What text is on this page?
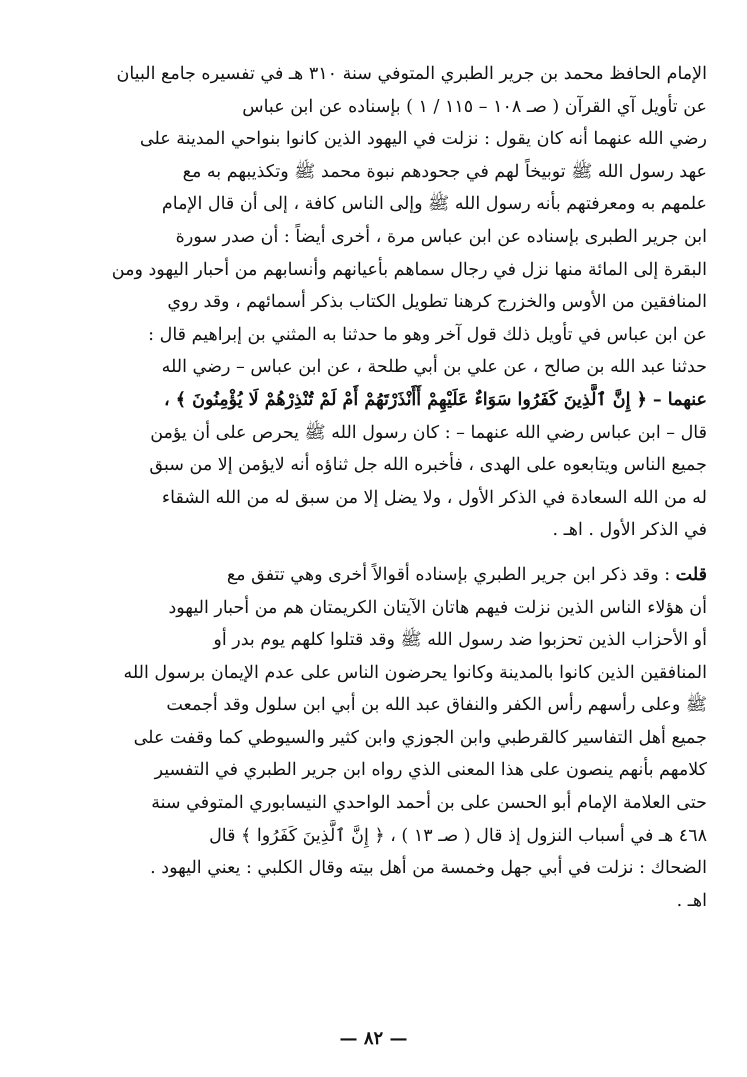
الإمام الحافظ محمد بن جرير الطبري المتوفي سنة ٣١٠ هـ في تفسيره جامع البيان
عن تأويل آي القرآن ( صـ ١٠٨ – ١١٥ / ١ ) بإسناده عن ابن عباس
رضي الله عنهما أنه كان يقول : نزلت في اليهود الذين كانوا بنواحي المدينة على
عهد رسول الله ﷺ توبيخاً لهم في جحودهم نبوة محمد ﷺ وتكذيبهم به مع
علمهم به ومعرفتهم بأنه رسول الله ﷺ وإلى الناس كافة ، إلى أن قال الإمام
ابن جرير الطبرى بإسناده عن ابن عباس مرة ، أخرى أيضاً : أن صدر سورة
البقرة إلى المائة منها نزل في رجال سماهم بأعيانهم وأنسابهم من أحبار اليهود ومن
المنافقين من الأوس والخزرج كرهنا تطويل الكتاب بذكر أسمائهم ، وقد روي
عن ابن عباس في تأويل ذلك قول آخر وهو ما حدثنا به المثني بن إبراهيم قال :
حدثنا عبد الله بن صالح ، عن علي بن أبي طلحة ، عن ابن عباس – رضي الله
عنهما – ﴿ إِنَّ ٱلَّذِينَ كَفَرُوا سَوَاءٌ عَلَيْهِمْ أَأَنْذَرْتَهُمْ أَمْ لَمْ تُنْذِرْهُمْ لَا يُؤْمِنُونَ ﴾ ،
قال – ابن عباس رضي الله عنهما – : كان رسول الله ﷺ يحرص على أن يؤمن
جميع الناس ويتابعوه على الهدى ، فأخبره الله جل ثناؤه أنه لايؤمن إلا من سبق
له من الله السعادة في الذكر الأول ، ولا يضل إلا من سبق له من الله الشقاء
في الذكر الأول . اهـ .
قلت : وقد ذكر ابن جرير الطبري بإسناده أقوالاً أخرى وهي تتفق مع
أن هؤلاء الناس الذين نزلت فيهم هاتان الآيتان الكريمتان هم من أحبار اليهود
أو الأحزاب الذين تحزبوا ضد رسول الله ﷺ وقد قتلوا كلهم يوم بدر أو
المنافقين الذين كانوا بالمدينة وكانوا يحرضون الناس على عدم الإيمان برسول الله
ﷺ وعلى رأسهم رأس الكفر والنفاق عبد الله بن أبي ابن سلول وقد أجمعت
جميع أهل التفاسير كالقرطبي وابن الجوزي وابن كثير والسيوطي كما وقفت على
كلامهم بأنهم ينصون على هذا المعنى الذي رواه ابن جرير الطبري في التفسير
حتى العلامة الإمام أبو الحسن على بن أحمد الواحدي النيسابوري المتوفي سنة
٤٦٨ هـ في أسباب النزول إذ قال ( صـ ١٣ ) ، ﴿ إِنَّ ٱلَّذِينَ كَفَرُوا ﴾ قال
الضحاك : نزلت في أبي جهل وخمسة من أهل بيته وقال الكلبي : يعني اليهود .
اهـ .
— ٨٢ —
